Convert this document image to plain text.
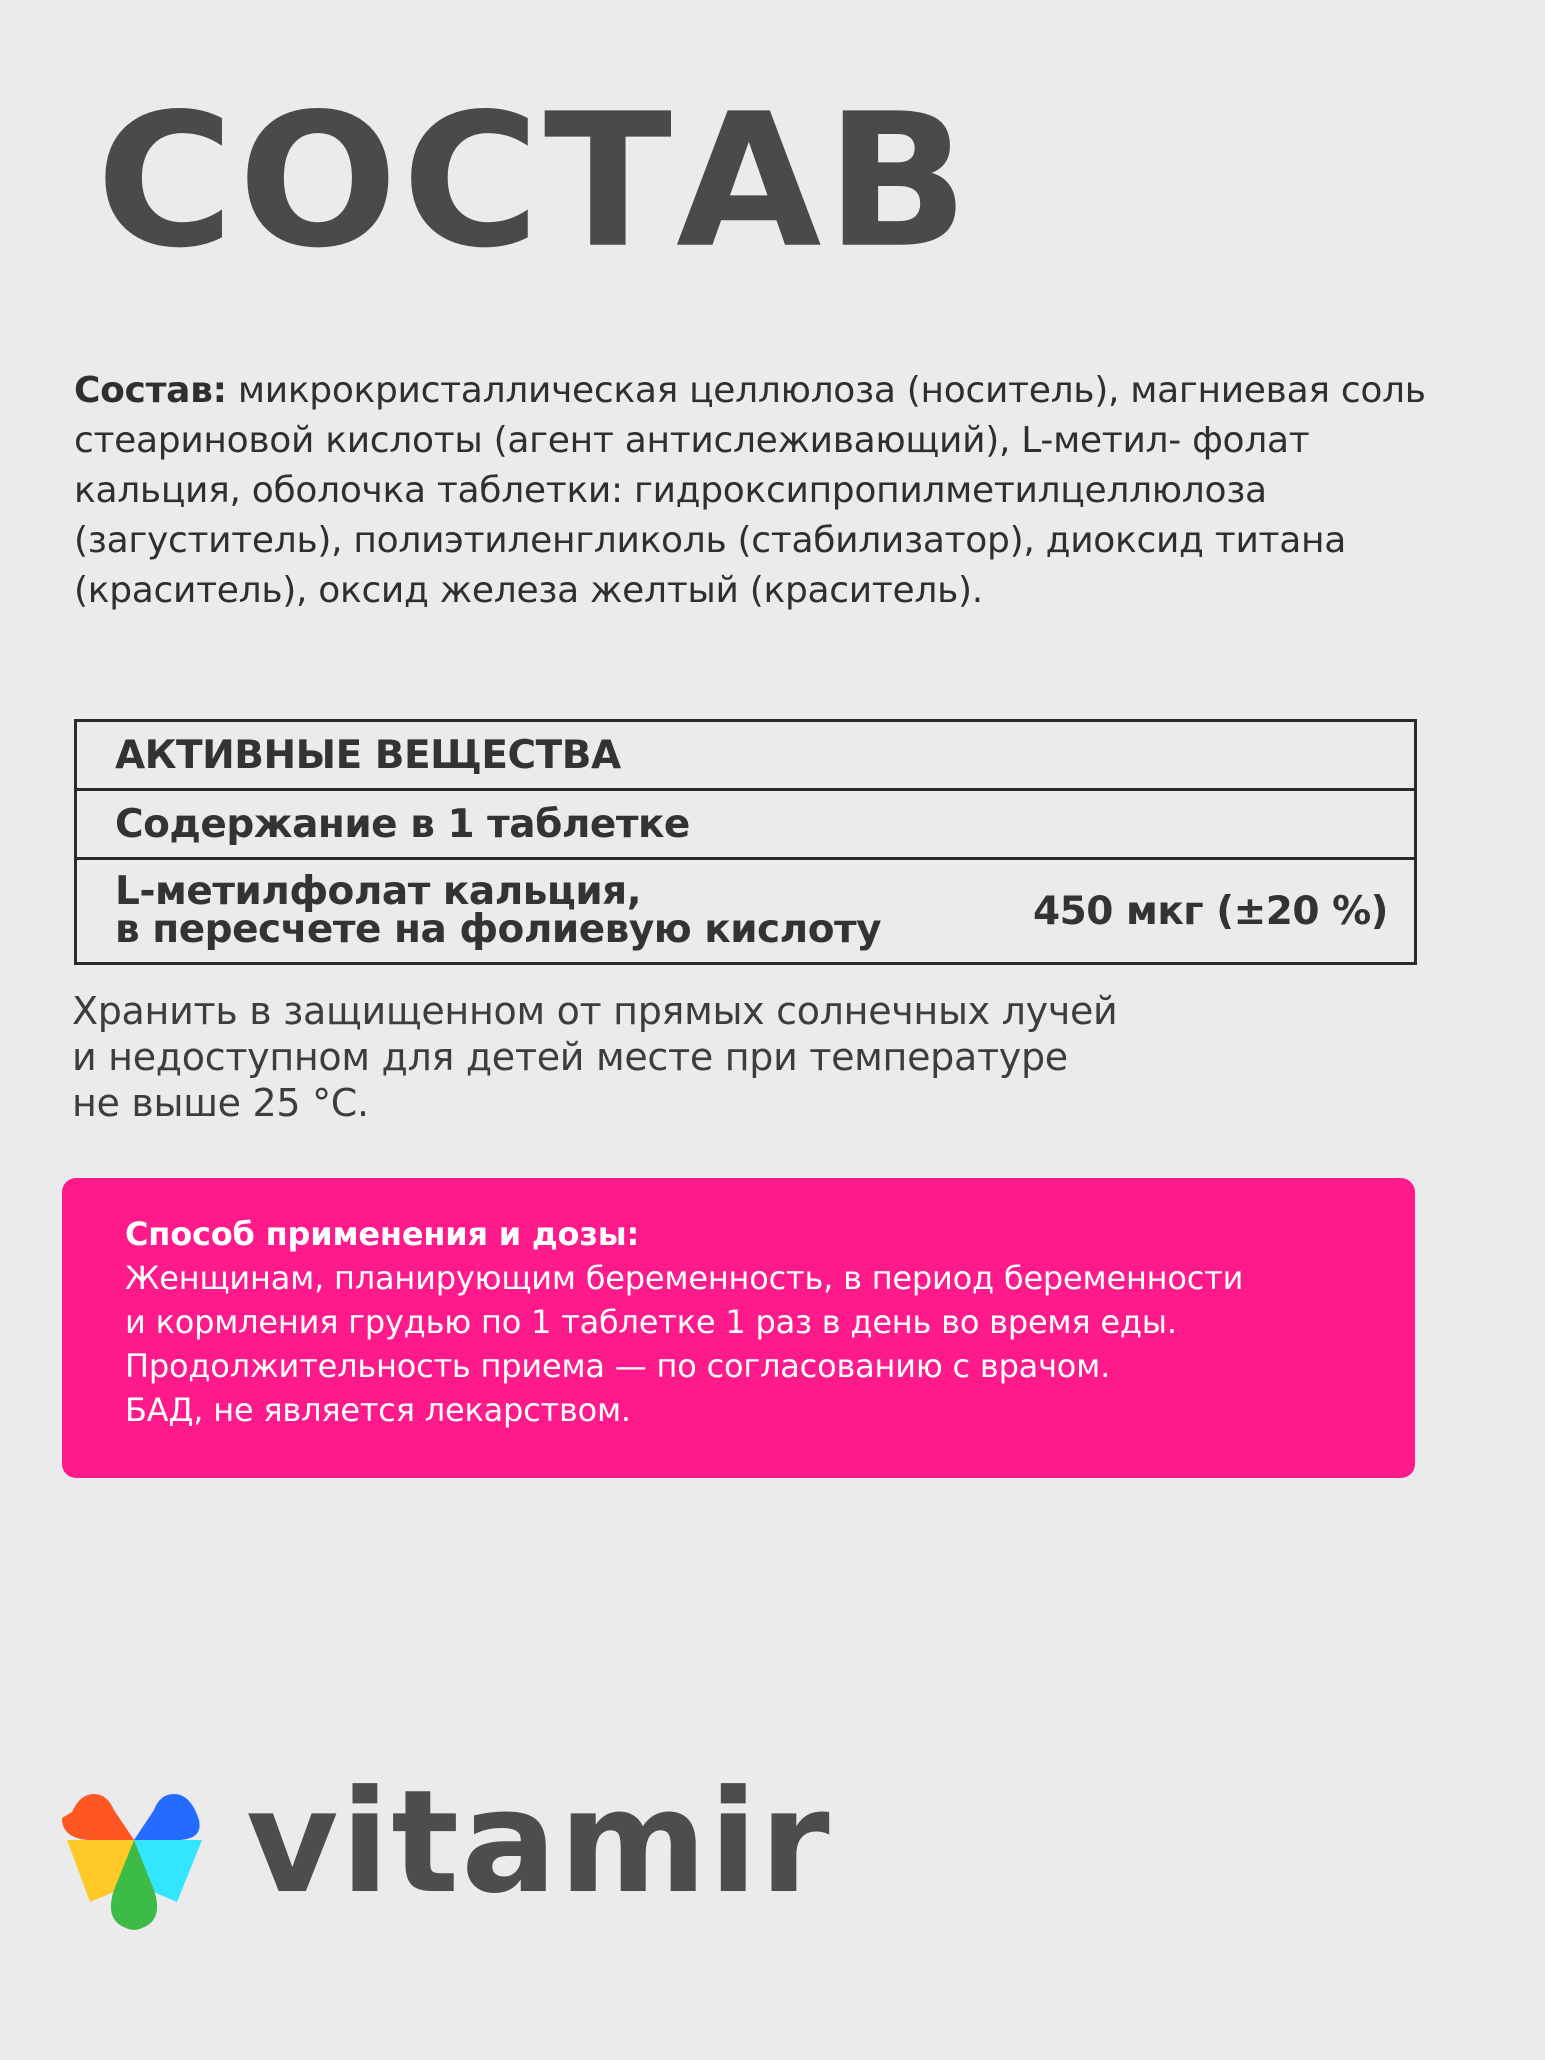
СОСТАВ
Состав: микрокристаллическая целлюлоза (носитель), магниевая соль стеариновой кислоты (агент антислеживающий), L-метил- фолат кальция, оболочка таблетки: гидроксипропилметилцеллюлоза (загуститель), полиэтиленгликоль (стабилизатор), диоксид титана (краситель), оксид железа желтый (краситель).
АКТИВНЫЕ ВЕЩЕСТВА
Содержание в 1 таблетке
L-метилфолат кальция,
в пересчете на фолиевую кислоту	450 мкг (±20 %)
Хранить в защищенном от прямых солнечных лучей
и недоступном для детей месте при температуре
не выше 25 °C.
Способ применения и дозы:
Женщинам, планирующим беременность, в период беременности
и кормления грудью по 1 таблетке 1 раз в день во время еды.
Продолжительность приема — по согласованию с врачом.
БАД, не является лекарством.
vitamir
